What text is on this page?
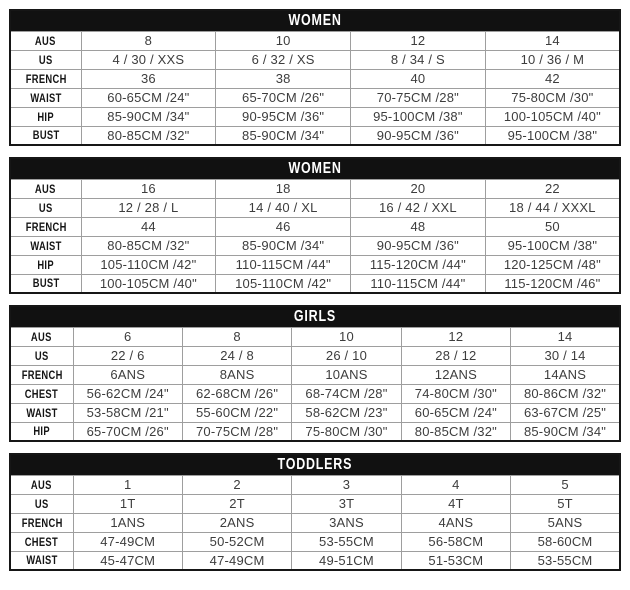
WOMEN				
AUS	8	10	12	14
US	4 / 30 / XXS	6 / 32 / XS	8 / 34 / S	10 / 36 / M
FRENCH	36	38	40	42
WAIST	60-65CM /24"	65-70CM /26"	70-75CM /28"	75-80CM /30"
HIP	85-90CM /34"	90-95CM /36"	95-100CM /38"	100-105CM /40"
BUST	80-85CM /32"	85-90CM /34"	90-95CM /36"	95-100CM /38"
WOMEN				
AUS	16	18	20	22
US	12 / 28 / L	14 / 40 / XL	16 / 42 / XXL	18 / 44 / XXXL
FRENCH	44	46	48	50
WAIST	80-85CM /32"	85-90CM /34"	90-95CM /36"	95-100CM /38"
HIP	105-110CM /42"	110-115CM /44"	115-120CM /44"	120-125CM /48"
BUST	100-105CM /40"	105-110CM /42"	110-115CM /44"	115-120CM /46"
GIRLS					
AUS	6	8	10	12	14
US	22 / 6	24 / 8	26 / 10	28 / 12	30 / 14
FRENCH	6ANS	8ANS	10ANS	12ANS	14ANS
CHEST	56-62CM /24"	62-68CM /26"	68-74CM /28"	74-80CM /30"	80-86CM /32"
WAIST	53-58CM /21"	55-60CM /22"	58-62CM /23"	60-65CM /24"	63-67CM /25"
HIP	65-70CM /26"	70-75CM /28"	75-80CM /30"	80-85CM /32"	85-90CM /34"
TODDLERS					
AUS	1	2	3	4	5
US	1T	2T	3T	4T	5T
FRENCH	1ANS	2ANS	3ANS	4ANS	5ANS
CHEST	47-49CM	50-52CM	53-55CM	56-58CM	58-60CM
WAIST	45-47CM	47-49CM	49-51CM	51-53CM	53-55CM
